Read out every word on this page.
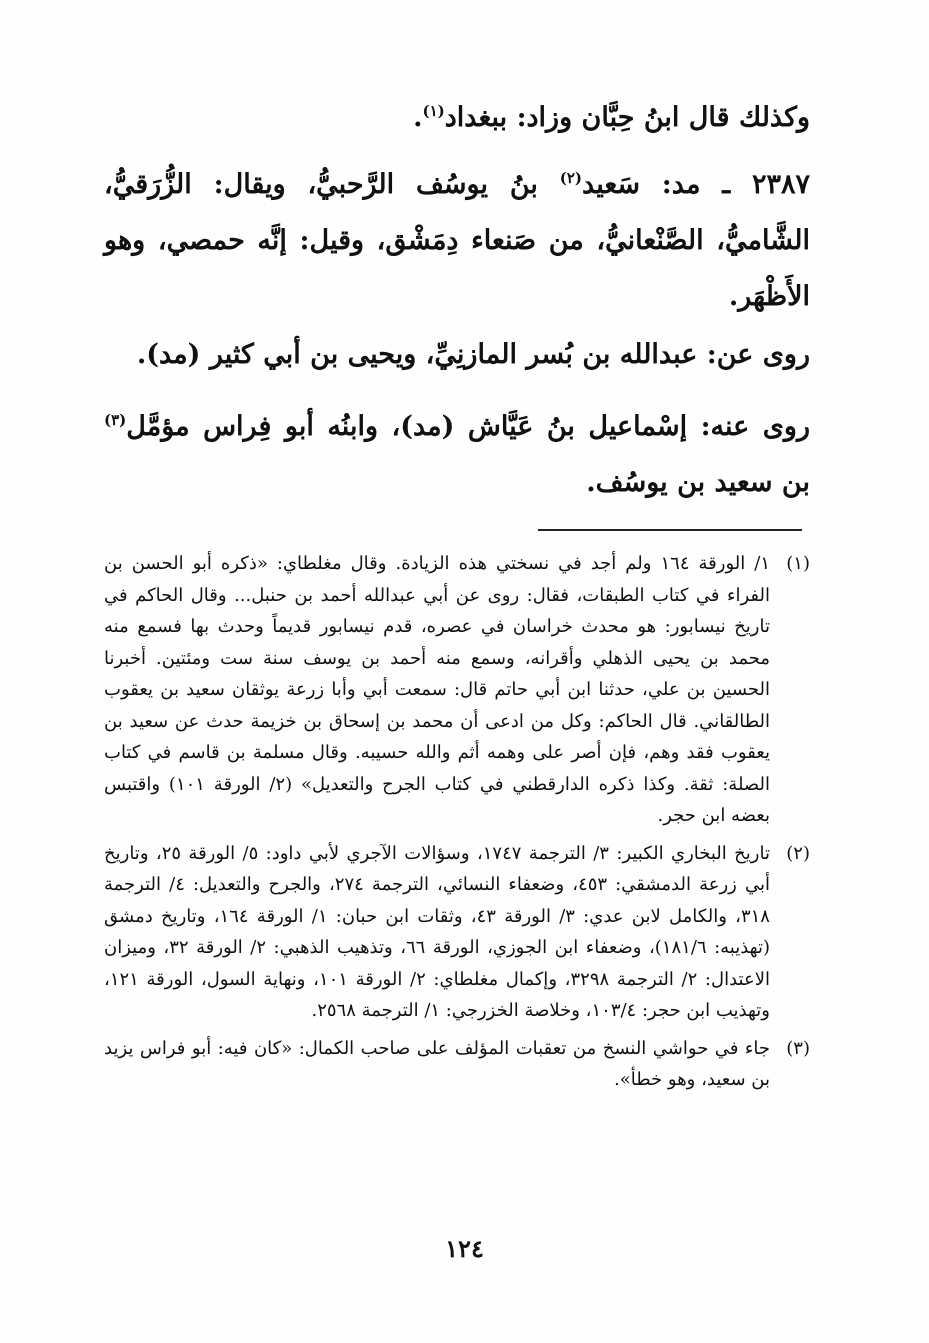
وكذلك قال ابنُ حِبَّان وزاد: ببغداد$^{(١)}$.

٢٣٨٧ ـ مد: سَعيد$^{(٢)}$ بنُ يوسُف الرَّحبيُّ، ويقال: الزُّرَقيُّ، الشَّاميُّ، الصَّنْعانيُّ، من صَنعاء دِمَشْق، وقيل: إنَّه حمصي، وهو الأَظْهَر.

روى عن: عبدالله بن بُسر المازنِيِّ، ويحيى بن أبي كثير (مد).

روى عنه: إسْماعيل بنُ عَيَّاش (مد)، وابنُه أبو فِراس مؤمَّل$^{(٣)}$ بن سعيد بن يوسُف.

(١)
١/ الورقة ١٦٤ ولم أجد في نسختي هذه الزيادة. وقال مغلطاي: «ذكره أبو الحسن بن الفراء في كتاب الطبقات، فقال: روى عن أبي عبدالله أحمد بن حنبل... وقال الحاكم في تاريخ نيسابور: هو محدث خراسان في عصره، قدم نيسابور قديماً وحدث بها فسمع منه محمد بن يحيى الذهلي وأقرانه، وسمع منه أحمد بن يوسف سنة ست ومئتين. أخبرنا الحسين بن علي، حدثنا ابن أبي حاتم قال: سمعت أبي وأبا زرعة يوثقان سعيد بن يعقوب الطالقاني. قال الحاكم: وكل من ادعى أن محمد بن إسحاق بن خزيمة حدث عن سعيد بن يعقوب فقد وهم، فإن أصر على وهمه أثم والله حسيبه. وقال مسلمة بن قاسم في كتاب الصلة: ثقة. وكذا ذكره الدارقطني في كتاب الجرح والتعديل» (٢/ الورقة ١٠١) واقتبس بعضه ابن حجر.
(٢)
تاريخ البخاري الكبير: ٣/ الترجمة ١٧٤٧، وسؤالات الآجري لأبي داود: ٥/ الورقة ٢٥، وتاريخ أبي زرعة الدمشقي: ٤٥٣، وضعفاء النسائي، الترجمة ٢٧٤، والجرح والتعديل: ٤/ الترجمة ٣١٨، والكامل لابن عدي: ٣/ الورقة ٤٣، وثقات ابن حبان: ١/ الورقة ١٦٤، وتاريخ دمشق (تهذيبه: ١٨١/٦)، وضعفاء ابن الجوزي، الورقة ٦٦، وتذهيب الذهبي: ٢/ الورقة ٣٢، وميزان الاعتدال: ٢/ الترجمة ٣٢٩٨، وإكمال مغلطاي: ٢/ الورقة ١٠١، ونهاية السول، الورقة ١٢١، وتهذيب ابن حجر: ١٠٣/٤، وخلاصة الخزرجي: ١/ الترجمة ٢٥٦٨.
(٣)
جاء في حواشي النسخ من تعقبات المؤلف على صاحب الكمال: «كان فيه: أبو فراس يزيد بن سعيد، وهو خطأ».
١٢٤
